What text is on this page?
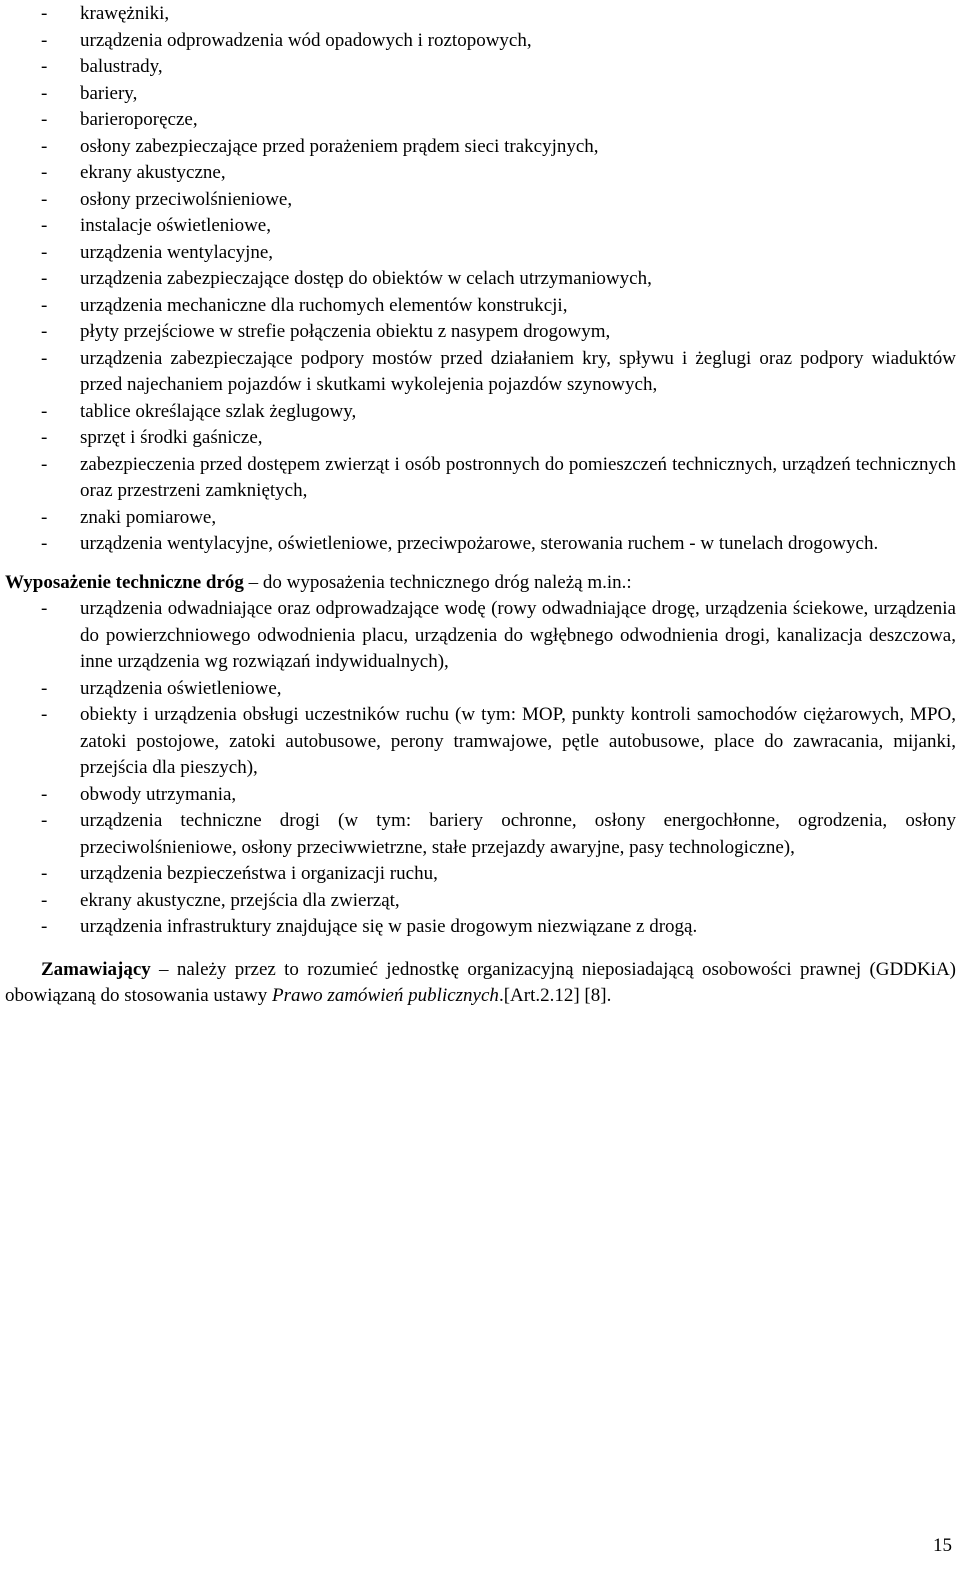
- krawężniki,
- urządzenia odprowadzenia wód opadowych i roztopowych,
- balustrady,
- bariery,
- barieroporęcze,
- osłony zabezpieczające przed porażeniem prądem sieci trakcyjnych,
- ekrany akustyczne,
- osłony przeciwolśnieniowe,
- instalacje oświetleniowe,
- urządzenia wentylacyjne,
- urządzenia zabezpieczające dostęp do obiektów w celach utrzymaniowych,
- urządzenia mechaniczne dla ruchomych elementów konstrukcji,
- płyty przejściowe w strefie połączenia obiektu z nasypem drogowym,
- urządzenia zabezpieczające podpory mostów przed działaniem kry, spływu i żeglugi oraz podpory wiaduktów przed najechaniem pojazdów i skutkami wykolejenia pojazdów szynowych,
- tablice określające szlak żeglugowy,
- sprzęt i środki gaśnicze,
- zabezpieczenia przed dostępem zwierząt i osób postronnych do pomieszczeń technicznych, urządzeń technicznych oraz przestrzeni zamkniętych,
- znaki pomiarowe,
- urządzenia wentylacyjne, oświetleniowe, przeciwpożarowe, sterowania ruchem - w tunelach drogowych.

Wyposażenie techniczne dróg – do wyposażenia technicznego dróg należą m.in.:

- urządzenia odwadniające oraz odprowadzające wodę (rowy odwadniające drogę, urządzenia ściekowe, urządzenia do powierzchniowego odwodnienia placu, urządzenia do wgłębnego odwodnienia drogi, kanalizacja deszczowa, inne urządzenia wg rozwiązań indywidualnych),
- urządzenia oświetleniowe,
- obiekty i urządzenia obsługi uczestników ruchu (w tym: MOP, punkty kontroli samochodów ciężarowych, MPO, zatoki postojowe, zatoki autobusowe, perony tramwajowe, pętle autobusowe, place do zawracania, mijanki, przejścia dla pieszych),
- obwody utrzymania,
- urządzenia techniczne drogi (w tym: bariery ochronne, osłony energochłonne, ogrodzenia, osłony przeciwolśnieniowe, osłony przeciwwietrzne, stałe przejazdy awaryjne, pasy technologiczne),
- urządzenia bezpieczeństwa i organizacji ruchu,
- ekrany akustyczne, przejścia dla zwierząt,
- urządzenia infrastruktury znajdujące się w pasie drogowym niezwiązane z drogą.

Zamawiający – należy przez to rozumieć jednostkę organizacyjną nieposiadającą osobowości prawnej (GDDKiA) obowiązaną do stosowania ustawy Prawo zamówień publicznych.[Art.2.12] [8].

15
